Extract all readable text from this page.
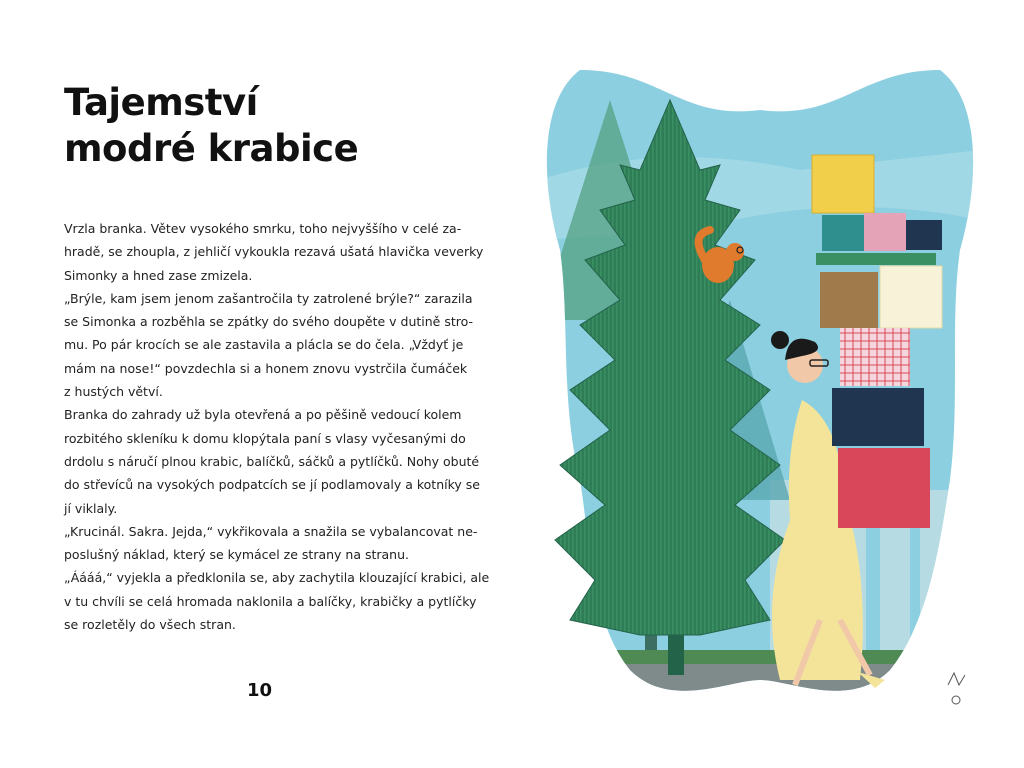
Tajemství
modré krabice
Vrzla branka. Větev vysokého smrku, toho nejvyššího v celé za-
hradě, se zhoupla, z jehličí vykoukla rezavá ušatá hlavička veverky
Simonky a hned zase zmizela.
„Brýle, kam jsem jenom zašantročila ty zatrolené brýle?“ zarazila
se Simonka a rozběhla se zpátky do svého doupěte v dutině stro-
mu. Po pár krocích se ale zastavila a plácla se do čela. „Vždyť je
mám na nose!“ povzdechla si a honem znovu vystrčila čumáček
z hustých větví.
Branka do zahrady už byla otevřená a po pěšině vedoucí kolem
rozbitého skleníku k domu klopýtala paní s vlasy vyčesanými do
drdolu s náručí plnou krabic, balíčků, sáčků a pytlíčků. Nohy obuté
do střevíců na vysokých podpatcích se jí podlamovaly a kotníky se
jí viklaly.
„Krucinál. Sakra. Jejda,“ vykřikovala a snažila se vybalancovat ne-
poslušný náklad, který se kymácel ze strany na stranu.
„Áááá,“ vyjekla a předklonila se, aby zachytila klouzající krabici, ale
v tu chvíli se celá hromada naklonila a balíčky, krabičky a pytlíčky
se rozletěly do všech stran.
10
